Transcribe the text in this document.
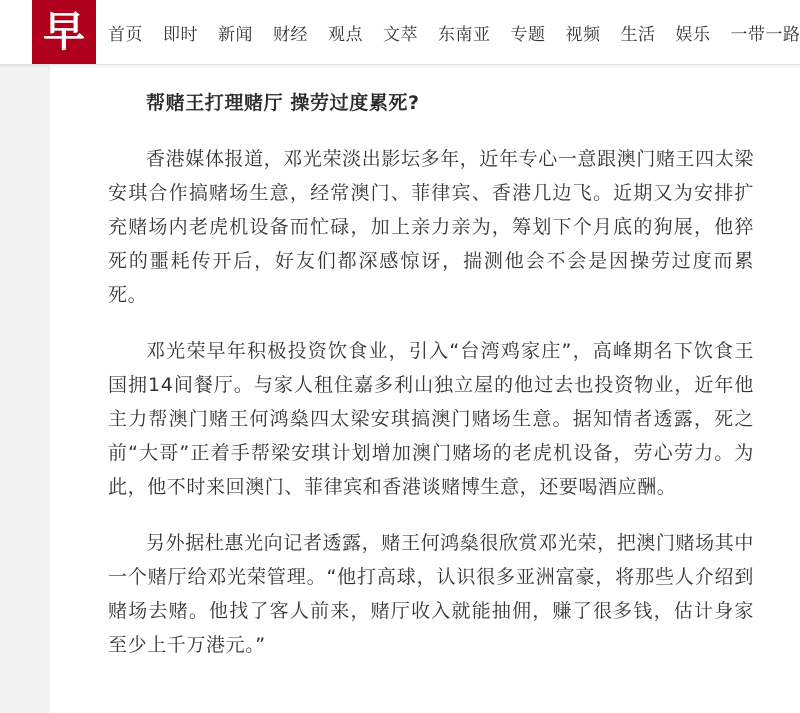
早 首页 即时 新闻 财经 观点 文萃 东南亚 专题 视频 生活 娱乐 一带一路

帮赌王打理赌厅 操劳过度累死?

香港媒体报道，邓光荣淡出影坛多年，近年专心一意跟澳门赌王四太梁安琪合作搞赌场生意，经常澳门、菲律宾、香港几边飞。近期又为安排扩充赌场内老虎机设备而忙碌，加上亲力亲为，筹划下个月底的狗展，他猝死的噩耗传开后，好友们都深感惊讶，揣测他会不会是因操劳过度而累死。

邓光荣早年积极投资饮食业，引入“台湾鸡家庄”，高峰期名下饮食王国拥14间餐厅。与家人租住嘉多利山独立屋的他过去也投资物业，近年他主力帮澳门赌王何鸿燊四太梁安琪搞澳门赌场生意。据知情者透露，死之前“大哥”正着手帮梁安琪计划增加澳门赌场的老虎机设备，劳心劳力。为此，他不时来回澳门、菲律宾和香港谈赌博生意，还要喝酒应酬。

另外据杜惠光向记者透露，赌王何鸿燊很欣赏邓光荣，把澳门赌场其中一个赌厅给邓光荣管理。“他打高球，认识很多亚洲富豪，将那些人介绍到赌场去赌。他找了客人前来，赌厅收入就能抽佣，赚了很多钱，估计身家至少上千万港元。”
